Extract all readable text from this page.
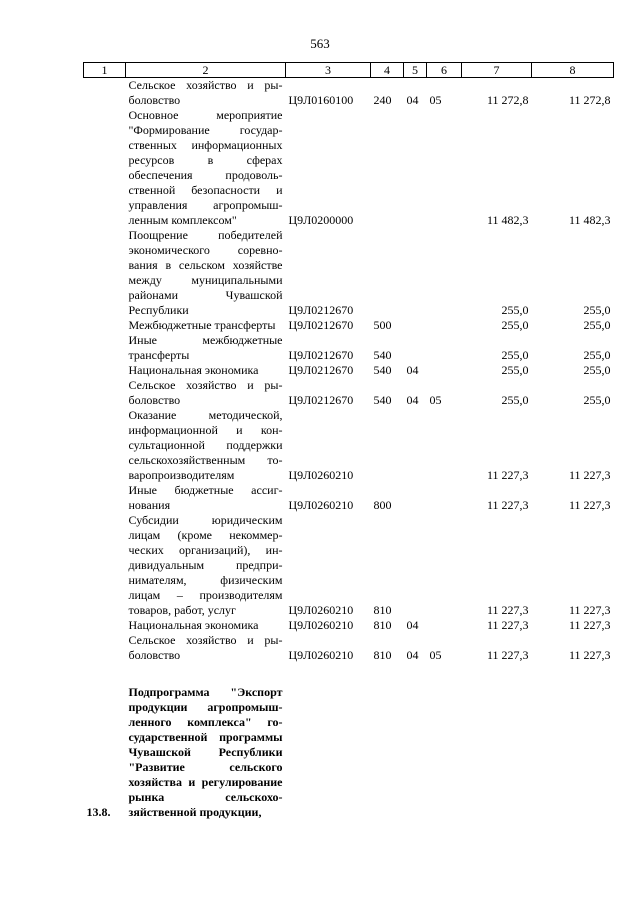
563
1	2	3	4	5	6	7	8
	Сельское хозяйство и рыболовство	Ц9Л0160100	240	04	05	11 272,8	11 272,8
	Основное мероприятие "Формирование государственных информационных ресурсов в сферах обеспечения продовольственной безопасности и управления агропромышленным комплексом"	Ц9Л0200000				11 482,3	11 482,3
	Поощрение победителей экономического соревнования в сельском хозяйстве между муниципальными районами Чувашской Республики	Ц9Л0212670				255,0	255,0
	Межбюджетные трансферты	Ц9Л0212670	500			255,0	255,0
	Иные межбюджетные трансферты	Ц9Л0212670	540			255,0	255,0
	Национальная экономика	Ц9Л0212670	540	04		255,0	255,0
	Сельское хозяйство и рыболовство	Ц9Л0212670	540	04	05	255,0	255,0
	Оказание методической, информационной и консультационной поддержки сельскохозяйственным товаропроизводителям	Ц9Л0260210				11 227,3	11 227,3
	Иные бюджетные ассигнования	Ц9Л0260210	800			11 227,3	11 227,3
	Субсидии юридическим лицам (кроме некоммерческих организаций), индивидуальным предпринимателям, физическим лицам – производителям товаров, работ, услуг	Ц9Л0260210	810			11 227,3	11 227,3
	Национальная экономика	Ц9Л0260210	810	04		11 227,3	11 227,3
	Сельское хозяйство и рыболовство	Ц9Л0260210	810	04	05	11 227,3	11 227,3

13.8.	Подпрограмма "Экспорт продукции агропромышленного комплекса" государственной программы Чувашской Республики "Развитие сельского хозяйства и регулирование рынка сельскохозяйственной продукции,						
